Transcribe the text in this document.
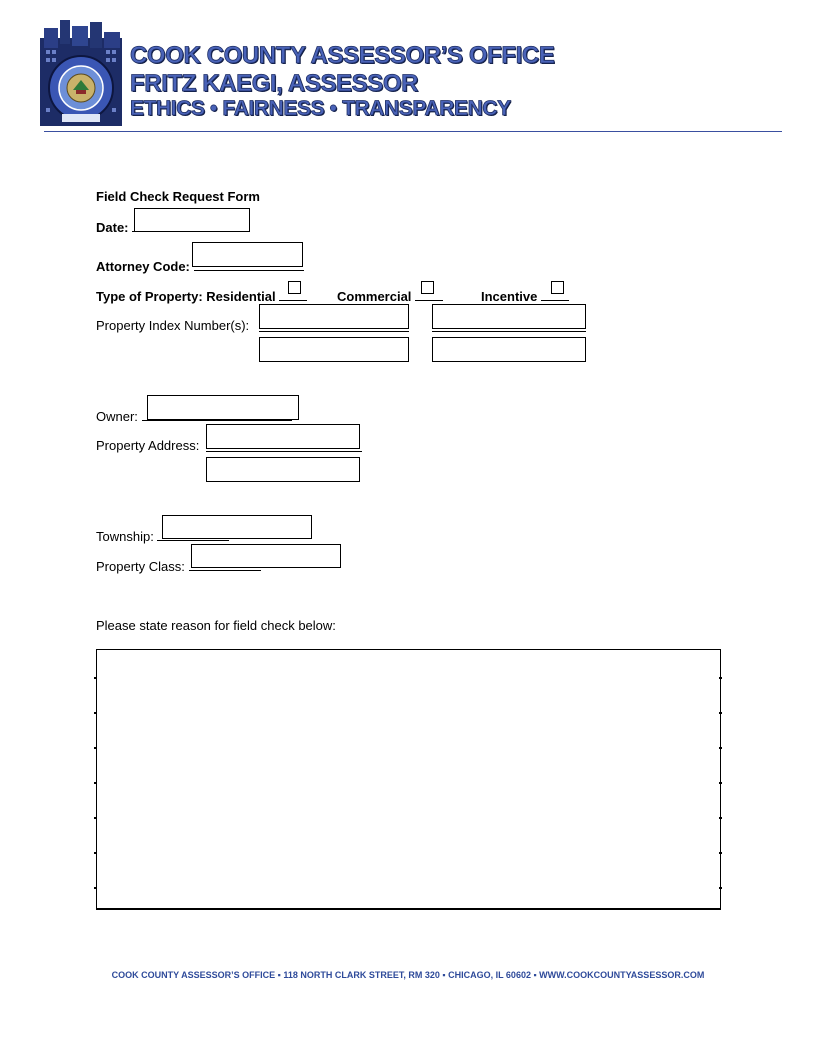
COOK COUNTY ASSESSOR’S OFFICE
FRITZ KAEGI, ASSESSOR
ETHICS • FAIRNESS • TRANSPARENCY
Field Check Request Form
Date:
Attorney Code:
Type of Property: Residential	Commercial	Incentive
Property Index Number(s):
Owner:
Property Address:
Township:
Property Class:
Please state reason for field check below:
COOK COUNTY ASSESSOR’S OFFICE ▪ 118 NORTH CLARK STREET, RM 320 ▪ CHICAGO, IL 60602 ▪ WWW.COOKCOUNTYASSESSOR.COM
